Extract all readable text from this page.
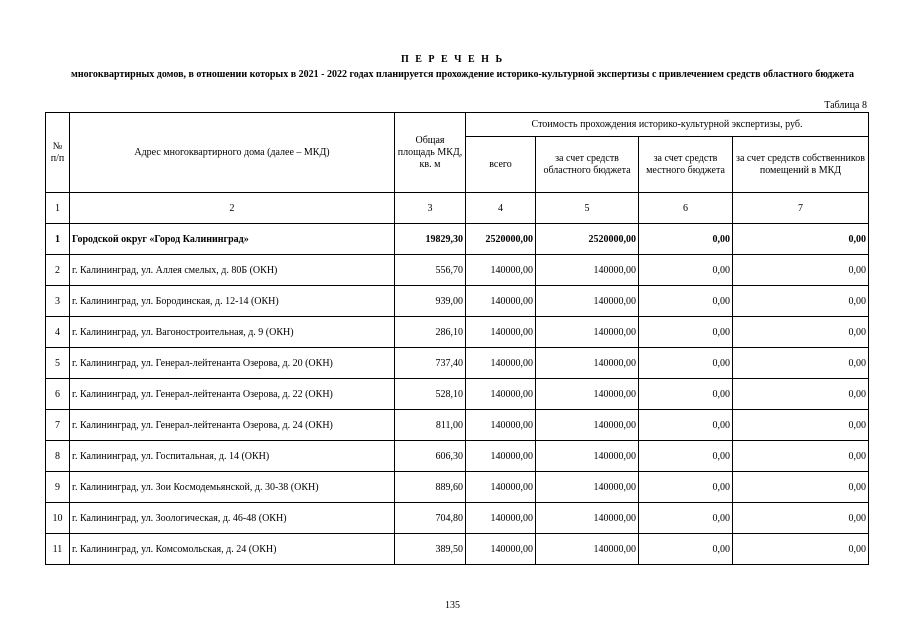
П Е Р Е Ч Е Н Ь
многоквартирных домов, в отношении которых в 2021 - 2022 годах планируется прохождение историко-культурной экспертизы с привлечением средств областного бюджета
Таблица 8
№ п/п	Адрес многоквартирного дома (далее – МКД)	Общая площадь МКД, кв. м	Стоимость прохождения историко-культурной экспертизы, руб.			
			всего	за счет средств областного бюджета	за счет средств местного бюджета	за счет средств собственников помещений в МКД
1	2	3	4	5	6	7
1	Городской округ «Город Калининград»	19829,30	2520000,00	2520000,00	0,00	0,00
2	г. Калининград, ул. Аллея смелых, д. 80Б (ОКН)	556,70	140000,00	140000,00	0,00	0,00
3	г. Калининград, ул. Бородинская, д. 12-14 (ОКН)	939,00	140000,00	140000,00	0,00	0,00
4	г. Калининград, ул. Вагоностроительная, д. 9 (ОКН)	286,10	140000,00	140000,00	0,00	0,00
5	г. Калининград, ул. Генерал-лейтенанта Озерова, д. 20 (ОКН)	737,40	140000,00	140000,00	0,00	0,00
6	г. Калининград, ул. Генерал-лейтенанта Озерова, д. 22 (ОКН)	528,10	140000,00	140000,00	0,00	0,00
7	г. Калининград, ул. Генерал-лейтенанта Озерова, д. 24 (ОКН)	811,00	140000,00	140000,00	0,00	0,00
8	г. Калининград, ул. Госпитальная, д. 14 (ОКН)	606,30	140000,00	140000,00	0,00	0,00
9	г. Калининград, ул. Зои Космодемьянской, д. 30-38 (ОКН)	889,60	140000,00	140000,00	0,00	0,00
10	г. Калининград, ул. Зоологическая, д. 46-48 (ОКН)	704,80	140000,00	140000,00	0,00	0,00
11	г. Калининград, ул. Комсомольская, д. 24 (ОКН)	389,50	140000,00	140000,00	0,00	0,00
135
